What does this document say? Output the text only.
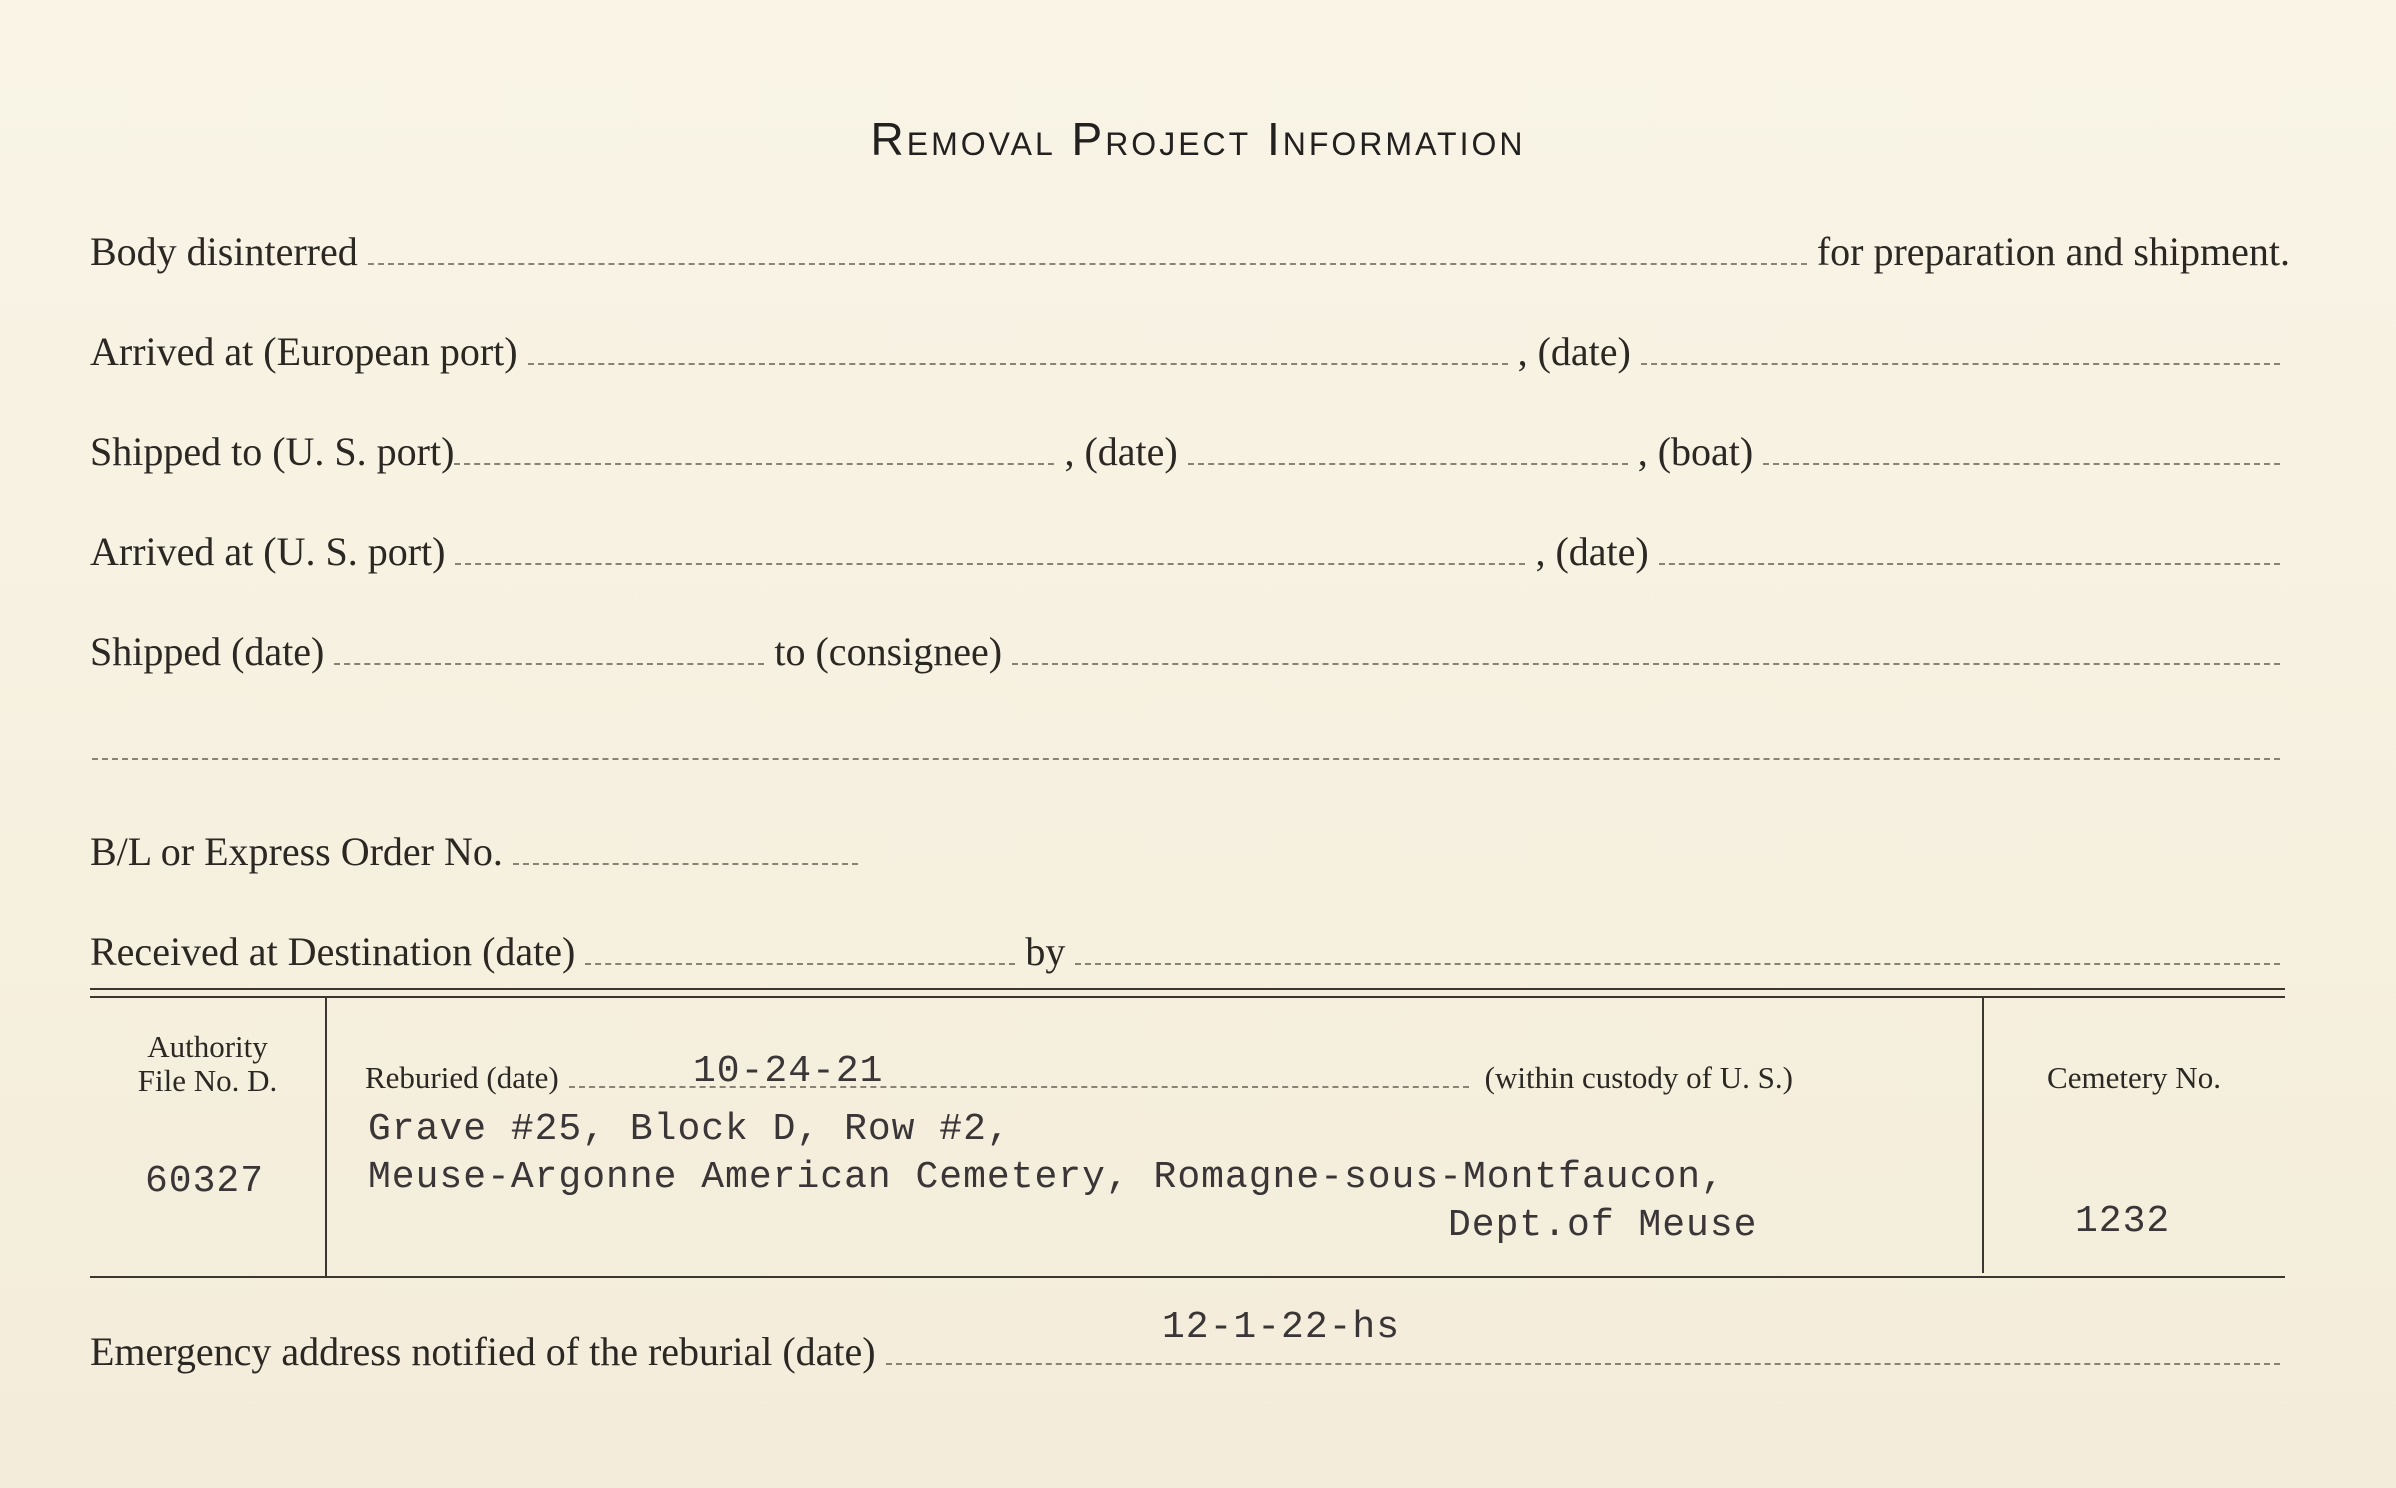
Removal Project Information
Body disinterred	for preparation and shipment.
Arrived at (European port)	, (date)
Shipped to (U. S. port)	, (date)	, (boat)
Arrived at (U. S. port)	, (date)
Shipped (date)	to (consignee)
B/L or Express Order No.
Received at Destination (date)	by
Authority
File No. D.
60327
Reburied (date)	(within custody of U. S.)
10-24-21
Grave #25, Block D, Row #2,
Meuse-Argonne American Cemetery, Romagne-sous-Montfaucon,
Dept.of Meuse
Cemetery No.
1232
Emergency address notified of the reburial (date)
12-1-22-hs
